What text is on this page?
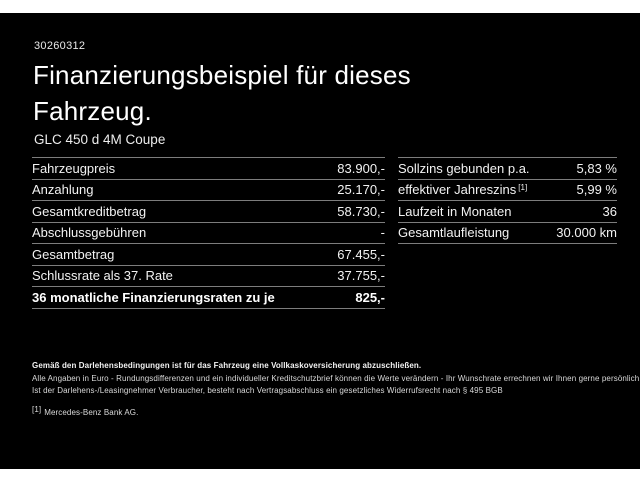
30260312
Finanzierungsbeispiel für dieses
Fahrzeug.
GLC 450 d 4M Coupe
Fahrzeugpreis	83.900,-
Anzahlung	25.170,-
Gesamtkreditbetrag	58.730,-
Abschlussgebühren	-
Gesamtbetrag	67.455,-
Schlussrate als 37. Rate	37.755,-
36 monatliche Finanzierungsraten zu je	825,-
Sollzins gebunden p.a.	5,83 %
effektiver Jahreszins [1]	5,99 %
Laufzeit in Monaten	36
Gesamtlaufleistung	30.000 km
Gemäß den Darlehensbedingungen ist für das Fahrzeug eine Vollkaskoversicherung abzuschließen.
Alle Angaben in Euro - Rundungsdifferenzen und ein individueller Kreditschutzbrief können die Werte verändern - Ihr Wunschrate errechnen wir Ihnen gerne persönlich
Ist der Darlehens-/Leasingnehmer Verbraucher, besteht nach Vertragsabschluss ein gesetzliches Widerrufsrecht nach § 495 BGB
[1] Mercedes-Benz Bank AG.
